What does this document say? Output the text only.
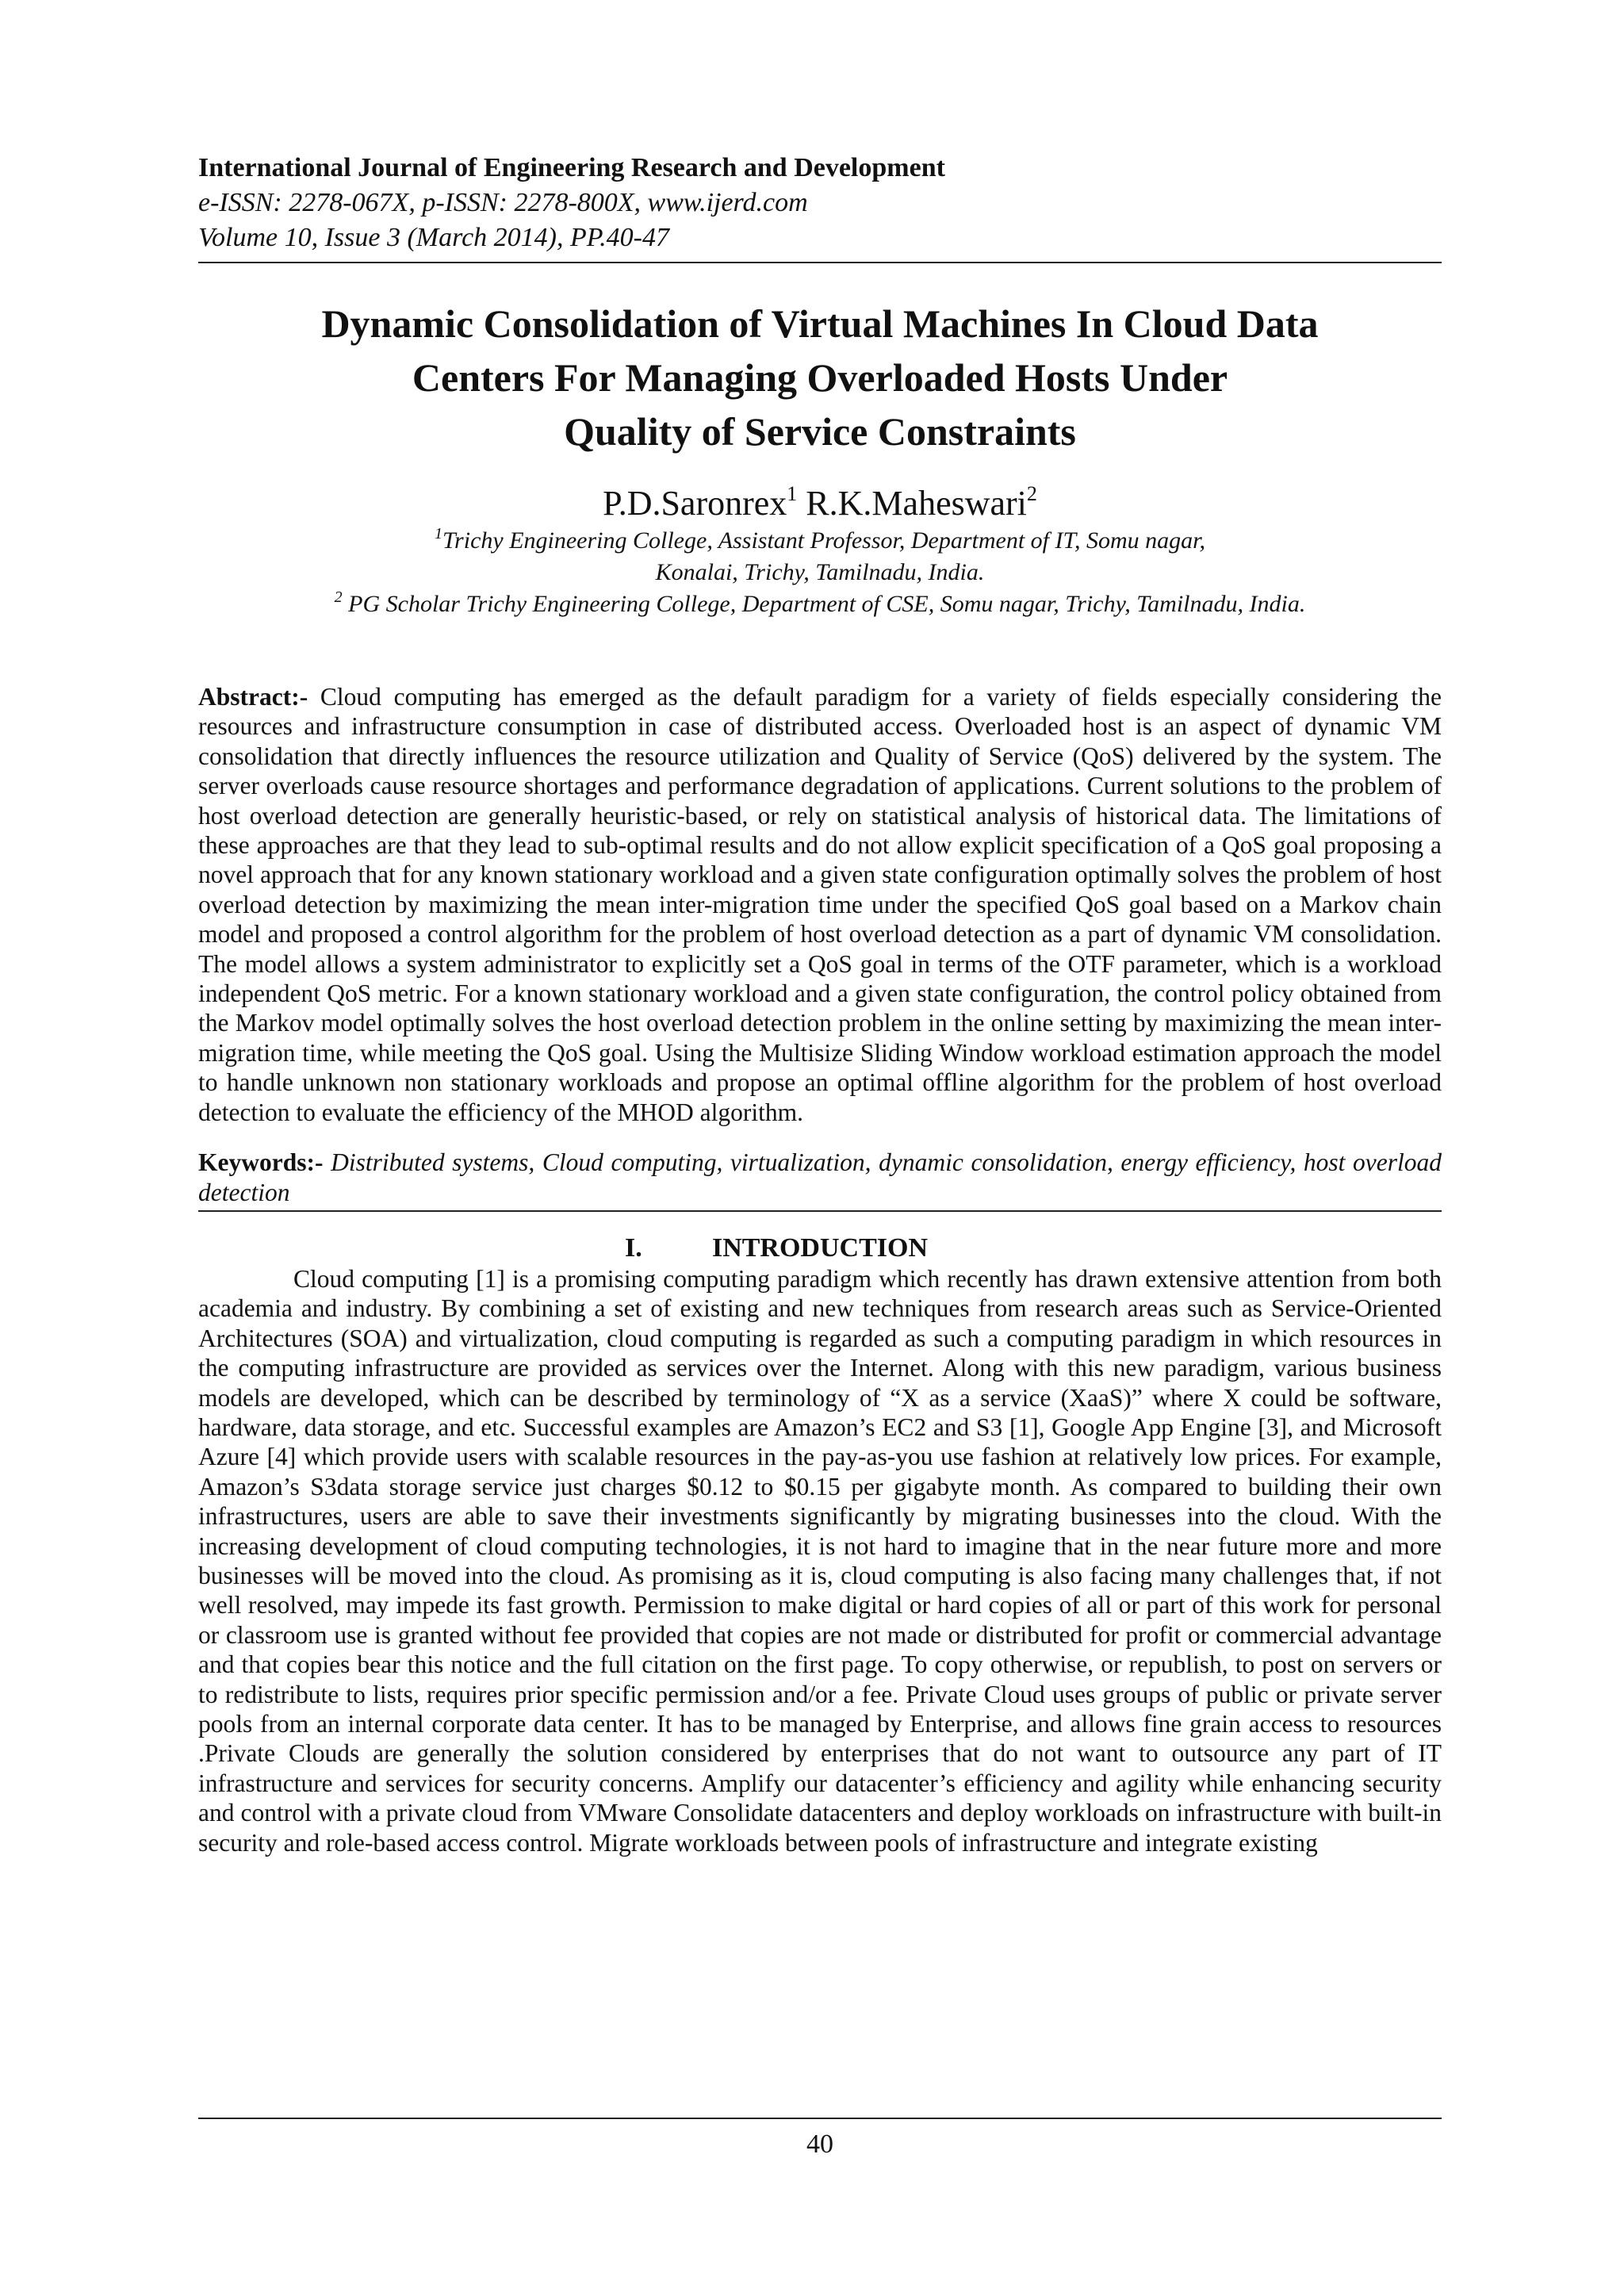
International Journal of Engineering Research and Development
e-ISSN: 2278-067X, p-ISSN: 2278-800X, www.ijerd.com
Volume 10, Issue 3 (March 2014), PP.40-47
Dynamic Consolidation of Virtual Machines In Cloud Data
Centers For Managing Overloaded Hosts Under
Quality of Service Constraints
P.D.Saronrex$^1$ R.K.Maheswari$^2$
$^1$Trichy Engineering College, Assistant Professor, Department of IT, Somu nagar,
Konalai, Trichy, Tamilnadu, India.
$^2$ PG Scholar Trichy Engineering College, Department of CSE, Somu nagar, Trichy, Tamilnadu, India.
Abstract:- Cloud computing has emerged as the default paradigm for a variety of fields especially considering the resources and infrastructure consumption in case of distributed access. Overloaded host is an aspect of dynamic VM consolidation that directly influences the resource utilization and Quality of Service (QoS) delivered by the system. The server overloads cause resource shortages and performance degradation of applications. Current solutions to the problem of host overload detection are generally heuristic-based, or rely on statistical analysis of historical data. The limitations of these approaches are that they lead to sub-optimal results and do not allow explicit specification of a QoS goal proposing a novel approach that for any known stationary workload and a given state configuration optimally solves the problem of host overload detection by maximizing the mean inter-migration time under the specified QoS goal based on a Markov chain model and proposed a control algorithm for the problem of host overload detection as a part of dynamic VM consolidation. The model allows a system administrator to explicitly set a QoS goal in terms of the OTF parameter, which is a workload independent QoS metric. For a known stationary workload and a given state configuration, the control policy obtained from the Markov model optimally solves the host overload detection problem in the online setting by maximizing the mean inter-migration time, while meeting the QoS goal. Using the Multisize Sliding Window workload estimation approach the model to handle unknown non stationary workloads and propose an optimal offline algorithm for the problem of host overload detection to evaluate the efficiency of the MHOD algorithm.
Keywords:- Distributed systems, Cloud computing, virtualization, dynamic consolidation, energy efficiency, host overload detection
I.	INTRODUCTION

Cloud computing [1] is a promising computing paradigm which recently has drawn extensive attention from both academia and industry. By combining a set of existing and new techniques from research areas such as Service-Oriented Architectures (SOA) and virtualization, cloud computing is regarded as such a computing paradigm in which resources in the computing infrastructure are provided as services over the Internet. Along with this new paradigm, various business models are developed, which can be described by terminology of “X as a service (XaaS)” where X could be software, hardware, data storage, and etc. Successful examples are Amazon’s EC2 and S3 [1], Google App Engine [3], and Microsoft Azure [4] which provide users with scalable resources in the pay-as-you use fashion at relatively low prices. For example, Amazon’s S3data storage service just charges $0.12 to $0.15 per gigabyte month. As compared to building their own infrastructures, users are able to save their investments significantly by migrating businesses into the cloud. With the increasing development of cloud computing technologies, it is not hard to imagine that in the near future more and more businesses will be moved into the cloud. As promising as it is, cloud computing is also facing many challenges that, if not well resolved, may impede its fast growth. Permission to make digital or hard copies of all or part of this work for personal or classroom use is granted without fee provided that copies are not made or distributed for profit or commercial advantage and that copies bear this notice and the full citation on the first page. To copy otherwise, or republish, to post on servers or to redistribute to lists, requires prior specific permission and/or a fee. Private Cloud uses groups of public or private server pools from an internal corporate data center. It has to be managed by Enterprise, and allows fine grain access to resources .Private Clouds are generally the solution considered by enterprises that do not want to outsource any part of IT infrastructure and services for security concerns. Amplify our datacenter’s efficiency and agility while enhancing security and control with a private cloud from VMware Consolidate datacenters and deploy workloads on infrastructure with built-in security and role-based access control. Migrate workloads between pools of infrastructure and integrate existing

40
